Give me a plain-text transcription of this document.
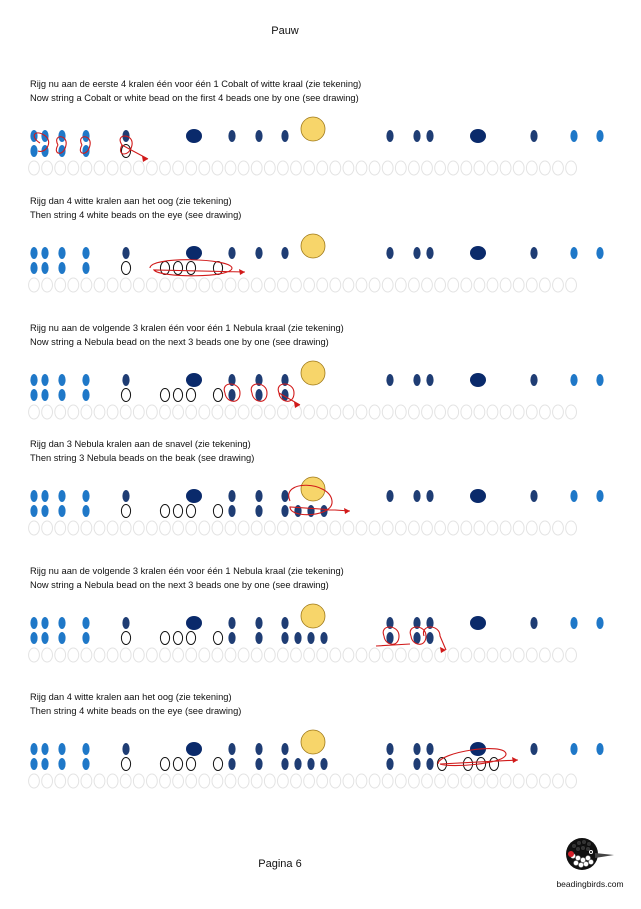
Pauw
Rijg nu aan de eerste 4 kralen één voor één 1 Cobalt of witte kraal (zie tekening)
Now string a Cobalt or white bead on the first 4 beads one by one (see drawing)
Rijg dan 4 witte kralen aan het oog (zie tekening)
Then string 4 white beads on the eye (see drawing)
Rijg nu aan de volgende 3 kralen één voor één 1 Nebula kraal (zie tekening)
Now string a Nebula bead on the next 3 beads one by one (see drawing)
Rijg dan 3 Nebula kralen aan de snavel (zie tekening)
Then string 3 Nebula beads on the beak (see drawing)
Rijg nu aan de volgende 3 kralen één voor één 1 Nebula kraal (zie tekening)
Now string a Nebula bead on the next 3 beads one by one (see drawing)
Rijg dan 4 witte kralen aan het oog (zie tekening)
Then string 4 white beads on the eye (see drawing)
Pagina 6
beadingbirds.com
